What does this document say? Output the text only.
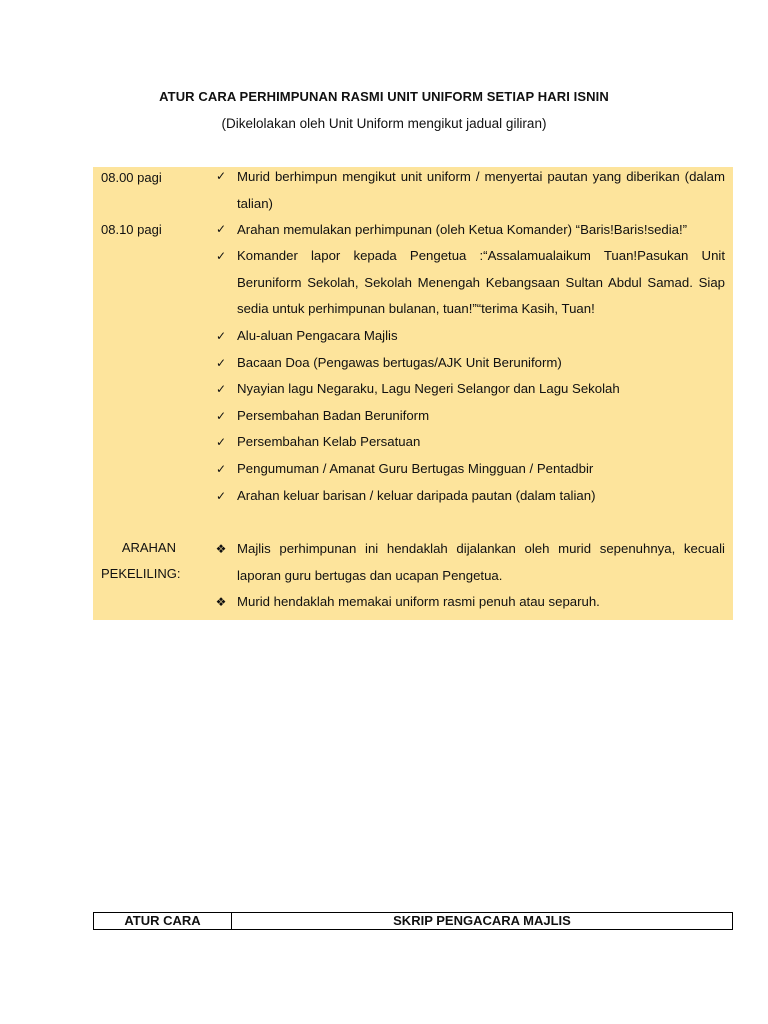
ATUR CARA PERHIMPUNAN RASMI UNIT UNIFORM SETIAP HARI ISNIN
(Dikelolakan oleh Unit Uniform mengikut jadual giliran)
08.00 pagi
08.10 pagi
✓ Murid berhimpun mengikut unit uniform / menyertai pautan yang diberikan (dalam talian)
✓ Arahan memulakan perhimpunan (oleh Ketua Komander) “Baris!Baris!sedia!”
✓ Komander lapor kepada Pengetua :“Assalamualaikum Tuan!Pasukan Unit Beruniform Sekolah, Sekolah Menengah Kebangsaan Sultan Abdul Samad. Siap sedia untuk perhimpunan bulanan, tuan!”“terima Kasih, Tuan!
✓ Alu-aluan Pengacara Majlis
✓ Bacaan Doa (Pengawas bertugas/AJK Unit Beruniform)
✓ Nyayian lagu Negaraku, Lagu Negeri Selangor dan Lagu Sekolah
✓ Persembahan Badan Beruniform
✓ Persembahan Kelab Persatuan
✓ Pengumuman / Amanat Guru Bertugas Mingguan / Pentadbir
✓ Arahan keluar barisan / keluar daripada pautan (dalam talian)
ARAHAN
PEKELILING:
❖ Majlis perhimpunan ini hendaklah dijalankan oleh murid sepenuhnya, kecuali laporan guru bertugas dan ucapan Pengetua.
❖ Murid hendaklah memakai uniform rasmi penuh atau separuh.
ATUR CARA	SKRIP PENGACARA MAJLIS
